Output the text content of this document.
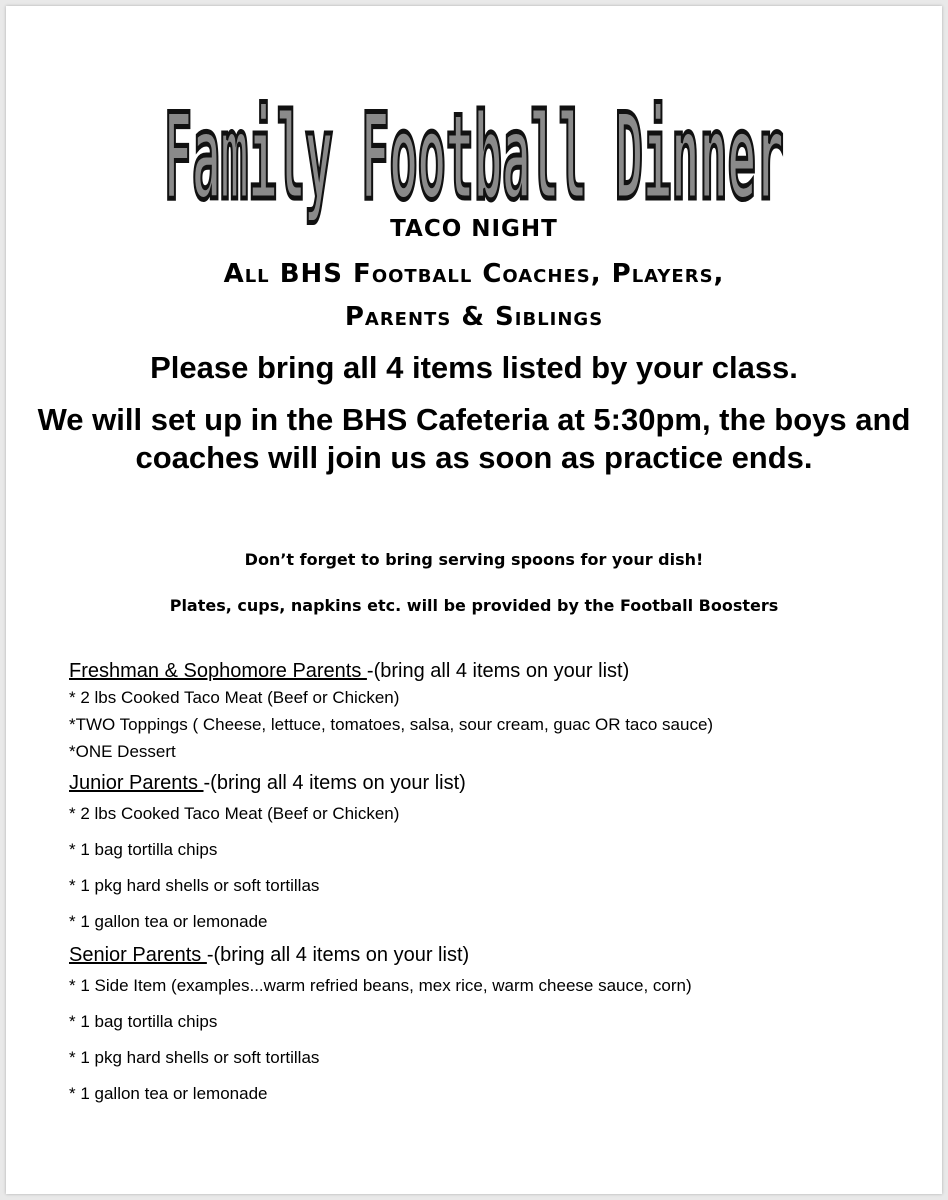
Family Football Dinner
TACO NIGHT
All BHS Football Coaches, Players,
Parents & Siblings
Please bring all 4 items listed by your class.
We will set up in the BHS Cafeteria at 5:30pm, the boys and coaches will join us as soon as practice ends.
Don’t forget to bring serving spoons for your dish!
Plates, cups, napkins etc. will be provided by the Football Boosters
Freshman & Sophomore Parents -(bring all 4 items on your list)
* 2 lbs Cooked Taco Meat (Beef or Chicken)
*TWO Toppings ( Cheese, lettuce, tomatoes, salsa, sour cream, guac OR taco sauce)
*ONE Dessert
Junior Parents -(bring all 4 items on your list)
* 2 lbs Cooked Taco Meat (Beef or Chicken)
* 1 bag tortilla chips
* 1 pkg hard shells or soft tortillas
* 1 gallon tea or lemonade
Senior Parents -(bring all 4 items on your list)
* 1 Side Item (examples...warm refried beans, mex rice, warm cheese sauce, corn)
* 1 bag tortilla chips
* 1 pkg hard shells or soft tortillas
* 1 gallon tea or lemonade
